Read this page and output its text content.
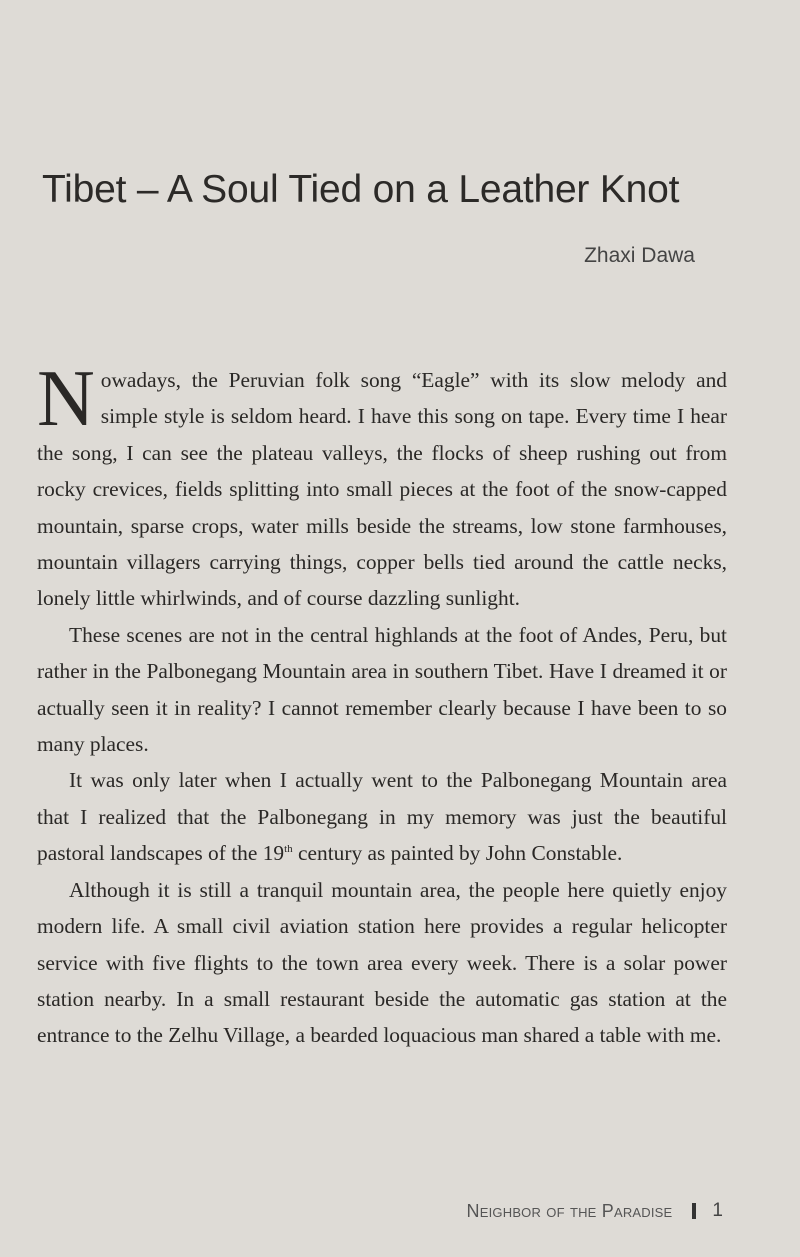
Tibet – A Soul Tied on a Leather Knot
Zhaxi Dawa

Nowadays, the Peruvian folk song “Eagle” with its slow melody and simple style is seldom heard. I have this song on tape. Every time I hear the song, I can see the plateau valleys, the flocks of sheep rushing out from rocky crevices, fields splitting into small pieces at the foot of the snow-capped mountain, sparse crops, water mills beside the streams, low stone farmhouses, mountain villagers carrying things, copper bells tied around the cattle necks, lonely little whirlwinds, and of course dazzling sunlight.

These scenes are not in the central highlands at the foot of Andes, Peru, but rather in the Palbonegang Mountain area in southern Tibet. Have I dreamed it or actually seen it in reality? I cannot remember clearly because I have been to so many places.

It was only later when I actually went to the Palbonegang Mountain area that I realized that the Palbonegang in my memory was just the beautiful pastoral landscapes of the 19th century as painted by John Constable.

Although it is still a tranquil mountain area, the people here quietly enjoy modern life. A small civil aviation station here provides a regular helicopter service with five flights to the town area every week. There is a solar power station nearby. In a small restaurant beside the automatic gas station at the entrance to the Zelhu Village, a bearded loquacious man shared a table with me.

Neighbor of the Paradise 1
